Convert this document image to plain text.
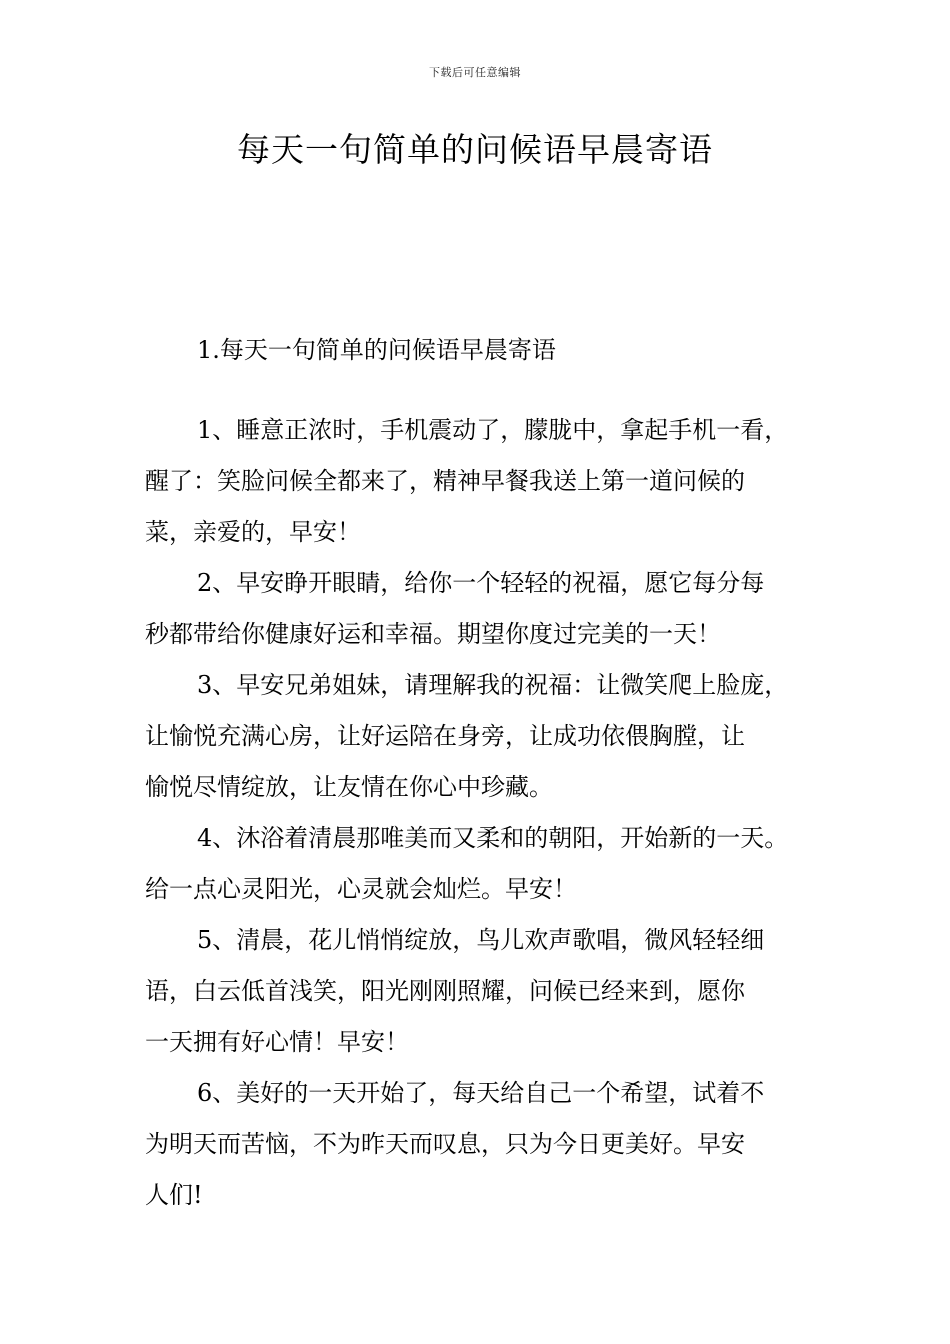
下载后可任意编辑
每天一句简单的问候语早晨寄语

1.每天一句简单的问候语早晨寄语

1、睡意正浓时，手机震动了，朦胧中，拿起手机一看，
醒了：笑脸问候全都来了，精神早餐我送上第一道问候的
菜，亲爱的，早安！

2、早安睁开眼睛，给你一个轻轻的祝福，愿它每分每
秒都带给你健康好运和幸福。期望你度过完美的一天！

3、早安兄弟姐妹，请理解我的祝福：让微笑爬上脸庞，
让愉悦充满心房，让好运陪在身旁，让成功依偎胸膛，让
愉悦尽情绽放，让友情在你心中珍藏。

4、沐浴着清晨那唯美而又柔和的朝阳，开始新的一天。
给一点心灵阳光，心灵就会灿烂。早安！

5、清晨，花儿悄悄绽放，鸟儿欢声歌唱，微风轻轻细
语，白云低首浅笑，阳光刚刚照耀，问候已经来到，愿你
一天拥有好心情！早安！

6、美好的一天开始了，每天给自己一个希望，试着不
为明天而苦恼，不为昨天而叹息，只为今日更美好。早安
人们!
